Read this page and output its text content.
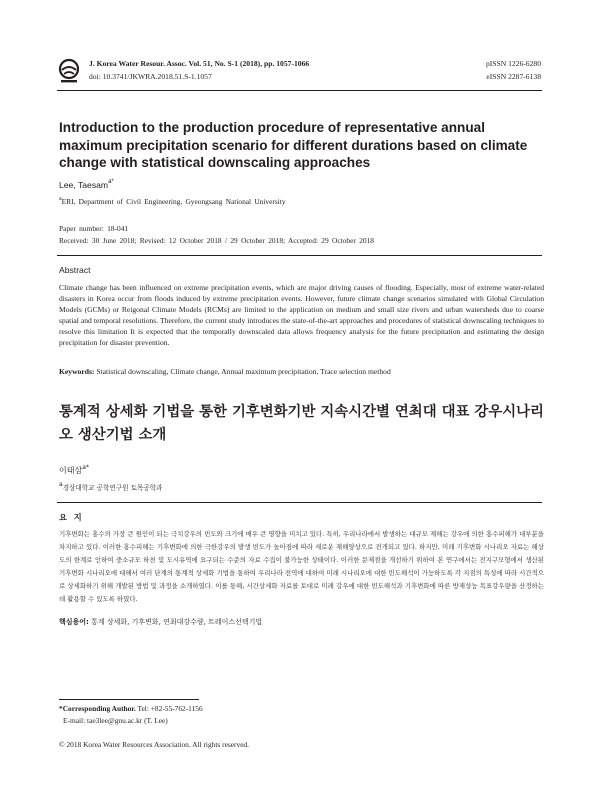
J. Korea Water Resour. Assoc. Vol. 51, No. S-1 (2018), pp. 1057-1066
doi: 10.3741/JKWRA.2018.51.S-1.1057
pISSN 1226-6280
eISSN 2287-6138
Introduction to the production procedure of representative annual maximum precipitation scenario for different durations based on climate change with statistical downscaling approaches
Lee, Taesam$^{a*}$
$^a$ERI, Department of Civil Engineering, Gyeongsang National University
Paper number: 18-041
Received: 30 June 2018; Revised: 12 October 2018 / 29 October 2018; Accepted: 29 October 2018
Abstract
Climate change has been influenced on extreme precipitation events, which are major driving causes of flooding. Especially, most of extreme water-related disasters in Korea occur from floods induced by extreme precipitation events. However, future climate change scenarios simulated with Global Circulation Models (GCMs) or Reigonal Climate Models (RCMs) are limited to the application on medium and small size rivers and urban watersheds due to coarse spatial and temporal resolutions. Therefore, the current study introduces the state-of-the-art approaches and procedures of statistical downscaling techniques to resolve this limitation It is expected that the temporally downscaled data allows frequency analysis for the future precipitation and estimating the design precipitation for disaster prevention.
Keywords: Statistical downscaling, Climate change, Annual maximum precipitation, Trace selection method
통계적 상세화 기법을 통한 기후변화기반 지속시간별 연최대 대표 강우시나리오 생산기법 소개
이태삼$^{a*}$
a경상대학교 공학연구원 토목공학과
요 지
기후변화는 홍수의 가장 큰 원인이 되는 극치강우의 빈도와 크기에 매우 큰 영향을 미치고 있다. 특히, 우리나라에서 발생하는 대규모 재해는 강우에 의한 홍수피해가 대부분을 차지하고 있다. 이러한 홍수피해는 기후변화에 의한 극한강우의 발생 빈도가 높아짐에 따라 새로운 재해양상으로 전개되고 있다. 하지만, 미래 기후변화 시나리오 자료는 해상도의 한계로 인하여 중소규모 하천 및 도시유역에 요구되는 수준의 자료 수집이 불가능한 상태이다. 이러한 문제점을 개선하기 위하여 본 연구에서는 전지구모형에서 생산된 기후변화 시나리오에 대해서 여러 단계의 통계적 상세화 기법을 통하여 우리나라 전역에 대하여 미래 시나리오에 대한 빈도해석이 가능하도록 각 지점의 특성에 따라 시간적으로 상세화하기 위해 개발된 방법 및 과정을 소개하였다. 이를 통해, 시간상세화 자료를 토대로 미래 강우에 대한 빈도해석과 기후변화에 따른 방재성능 목표강우량을 산정하는데 활용할 수 있도록 하였다.
핵심용어: 통계 상세화, 기후변화, 연최대강수량, 트레이스선택기법
*Corresponding Author. Tel: +82-55-762-1156
E-mail: tae3lee@gnu.ac.kr (T. Lee)
© 2018 Korea Water Resources Association. All rights reserved.
